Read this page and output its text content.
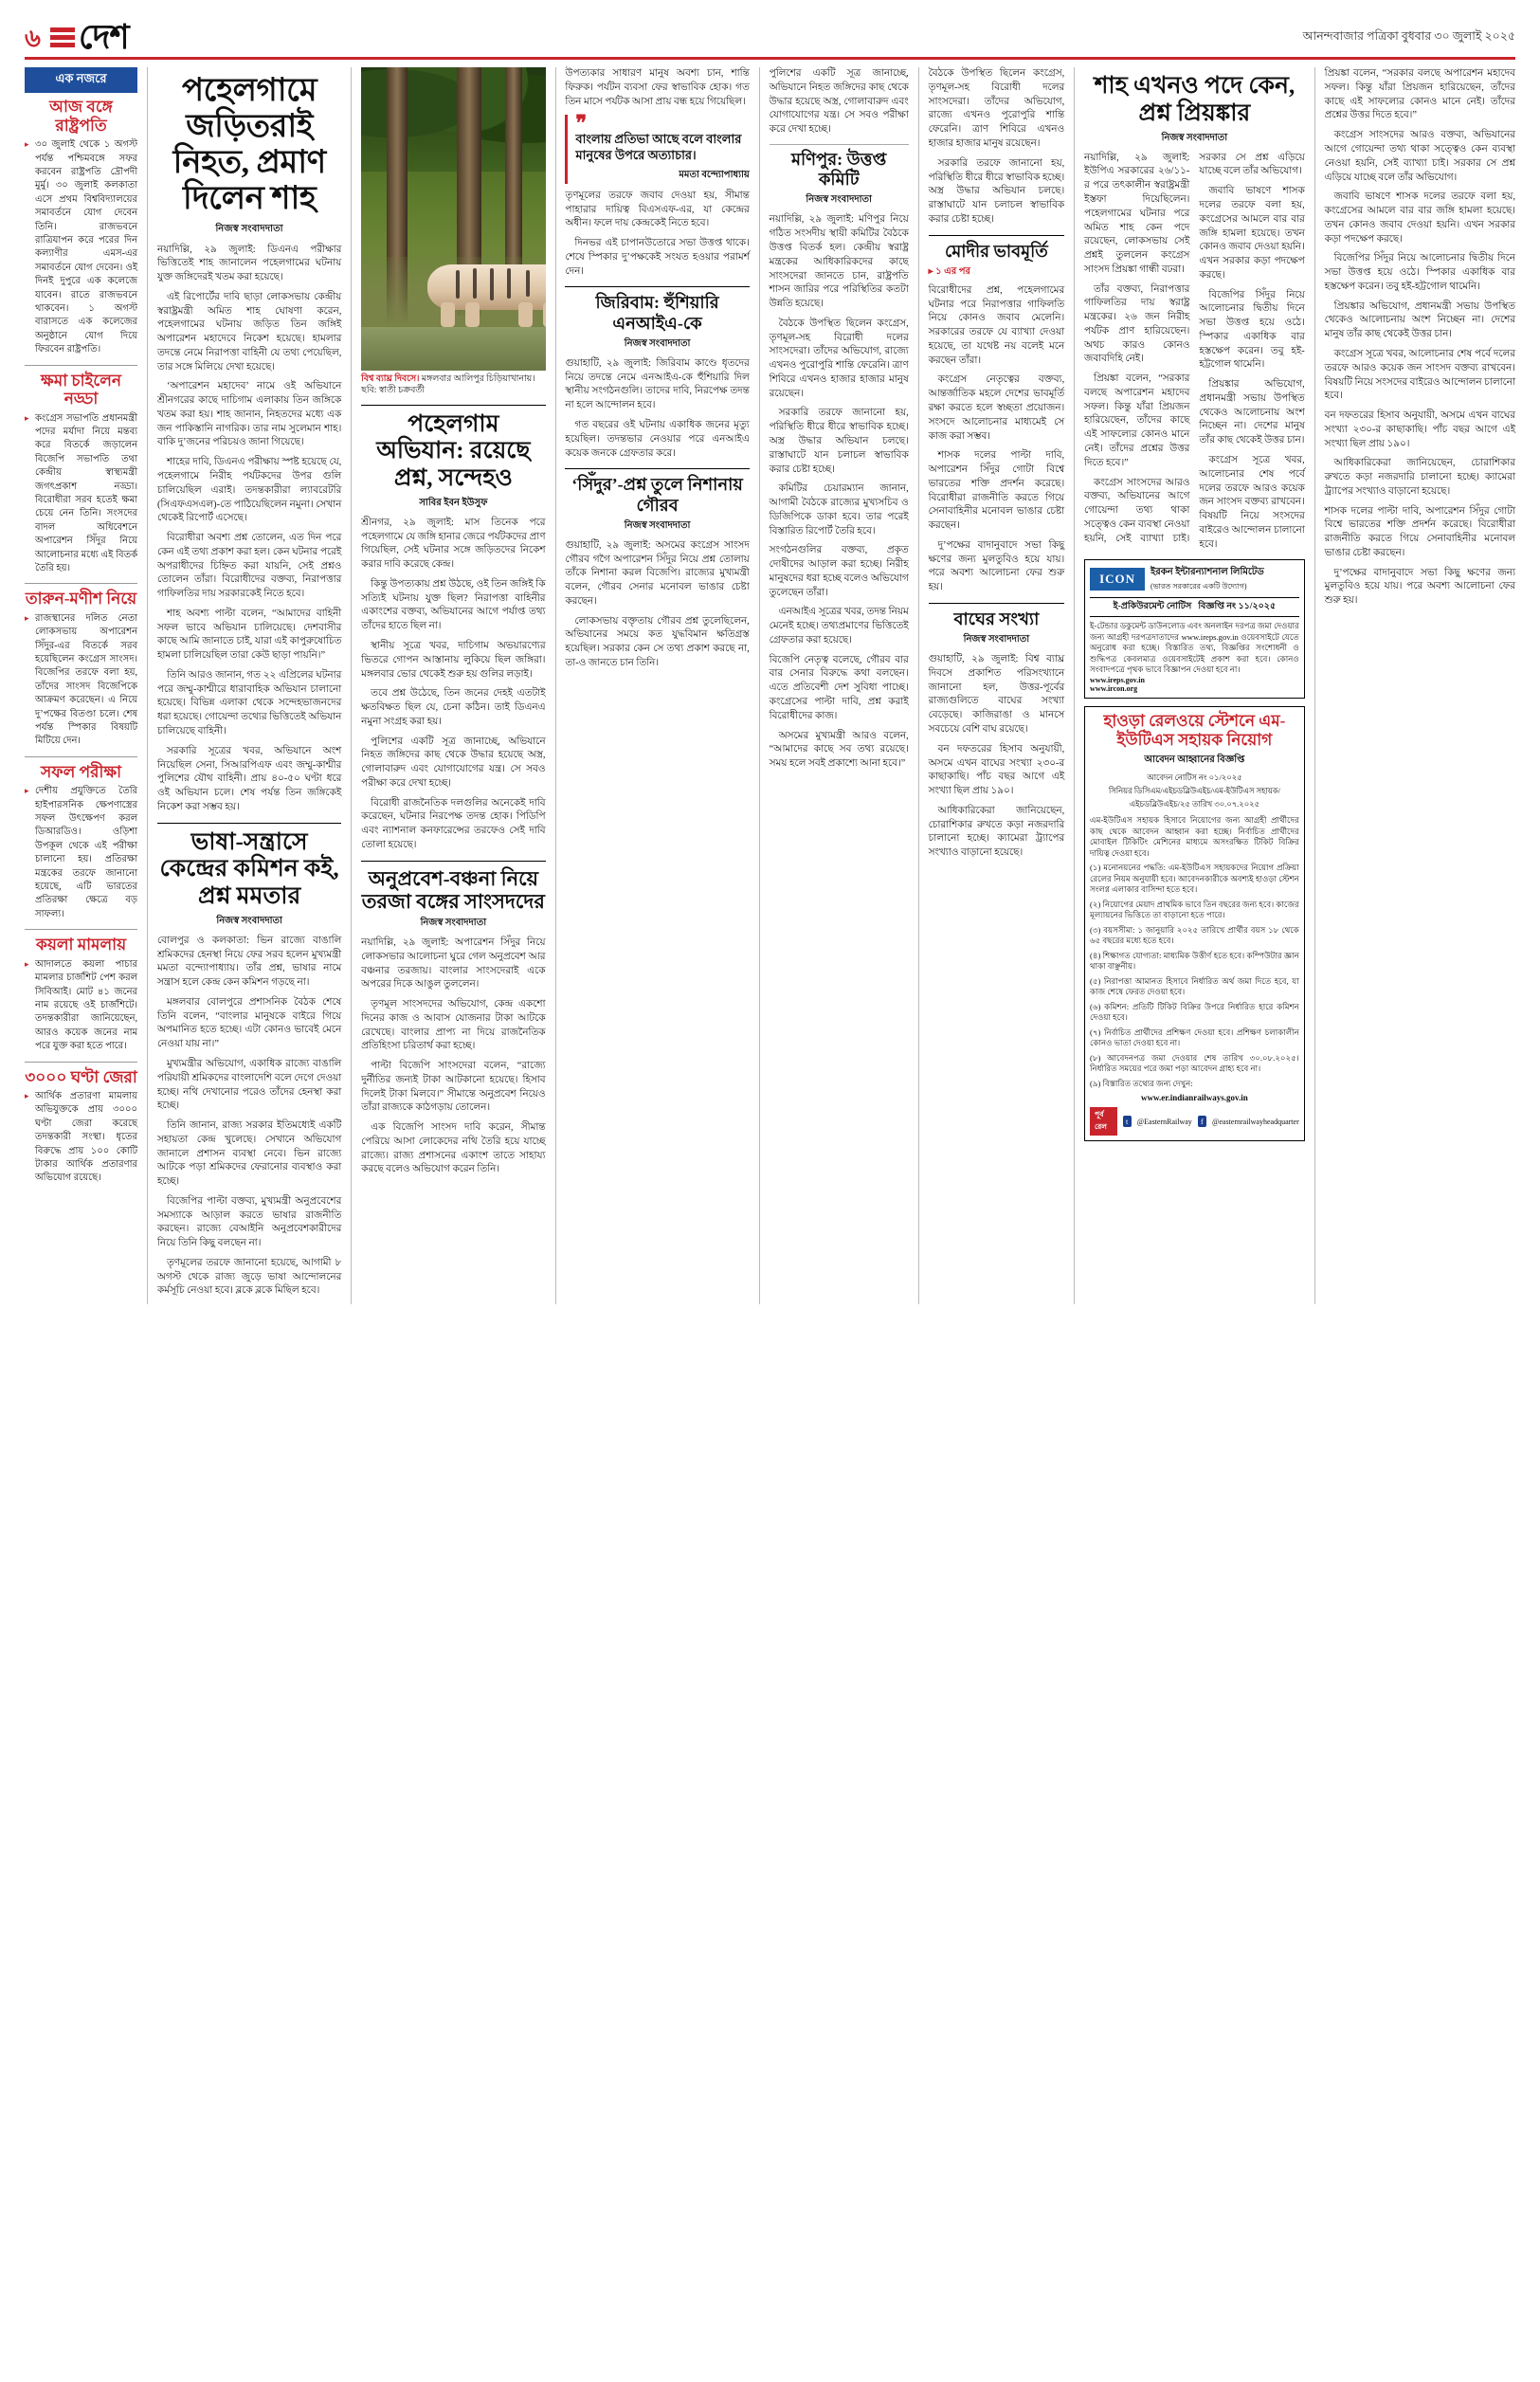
৬ দেশ	আনন্দবাজার পত্রিকা বুধবার ৩০ জুলাই ২০২৫
এক নজরে
আজ বঙ্গে রাষ্ট্রপতি
▸ ৩০ জুলাই থেকে ১ অগস্ট পর্যন্ত পশ্চিমবঙ্গে সফর করবেন রাষ্ট্রপতি দ্রৌপদী মুর্মু। ৩০ জুলাই কলকাতা এসে প্রথম বিশ্ববিদ্যালয়ের সমাবর্তনে যোগ দেবেন তিনি। রাজভবনে রাত্রিযাপন করে পরের দিন কল্যাণীর এমস-এর সমাবর্তনে যোগ দেবেন। ওই দিনই দুপুরে এক কলেজে যাবেন। রাতে রাজভবনে থাকবেন। ১ অগস্ট বারাসতে এক কলেজের অনুষ্ঠানে যোগ দিয়ে ফিরবেন রাষ্ট্রপতি।
ক্ষমা চাইলেন নড্ডা
▸ কংগ্রেস সভাপতি প্রধানমন্ত্রী পদের মর্যাদা নিয়ে মন্তব্য করে বিতর্কে জড়ালেন বিজেপি সভাপতি তথা কেন্দ্রীয় স্বাস্থ্যমন্ত্রী জগৎপ্রকাশ নড্ডা। বিরোধীরা সরব হতেই ক্ষমা চেয়ে নেন তিনি। সংসদের বাদল অধিবেশনে অপারেশন সিঁদুর নিয়ে আলোচনার মধ্যে এই বিতর্ক তৈরি হয়।
তারুন-মণীশ নিয়ে
▸ রাজস্থানের দলিত নেতা লোকসভায় অপারেশন সিঁদুর-এর বিতর্কে সরব হয়েছিলেন কংগ্রেস সাংসদ। বিজেপির তরফে বলা হয়, তাঁদের সাংসদ বিজেপিকে আক্রমণ করেছেন। এ নিয়ে দু’পক্ষের বিতণ্ডা চলে। শেষ পর্যন্ত স্পিকার বিষয়টি মিটিয়ে দেন।
সফল পরীক্ষা
▸ দেশীয় প্রযুক্তিতে তৈরি হাইপারসনিক ক্ষেপণাস্ত্রের সফল উৎক্ষেপণ করল ডিআরডিও। ওড়িশা উপকূল থেকে এই পরীক্ষা চালানো হয়। প্রতিরক্ষা মন্ত্রকের তরফে জানানো হয়েছে, এটি ভারতের প্রতিরক্ষা ক্ষেত্রে বড় সাফল্য।
কয়লা মামলায়
▸ আদালতে কয়লা পাচার মামলার চার্জশিট পেশ করল সিবিআই। মোট ৪১ জনের নাম রয়েছে ওই চার্জশিটে। তদন্তকারীরা জানিয়েছেন, আরও কয়েক জনের নাম পরে যুক্ত করা হতে পারে।
৩০০০ ঘণ্টা জেরা
▸ আর্থিক প্রতারণা মামলায় অভিযুক্তকে প্রায় ৩০০০ ঘণ্টা জেরা করেছে তদন্তকারী সংস্থা। ধৃতের বিরুদ্ধে প্রায় ১০০ কোটি টাকার আর্থিক প্রতারণার অভিযোগ রয়েছে।
পহেলগামে জড়িতরাই নিহত, প্রমাণ দিলেন শাহ
নিজস্ব সংবাদদাতা

নয়াদিল্লি, ২৯ জুলাই: ডিএনএ পরীক্ষার ভিত্তিতেই শাহ জানালেন পহেলগামের ঘটনায় যুক্ত জঙ্গিদেরই খতম করা হয়েছে।

এই রিপোর্টের দাবি ছাড়া লোকসভায় কেন্দ্রীয় স্বরাষ্ট্রমন্ত্রী অমিত শাহ ঘোষণা করেন, পহেলগামের ঘটনায় জড়িত তিন জঙ্গিই অপারেশন মহাদেবে নিকেশ হয়েছে। হামলার তদন্তে নেমে নিরাপত্তা বাহিনী যে তথ্য পেয়েছিল, তার সঙ্গে মিলিয়ে দেখা হয়েছে।

‘অপারেশন মহাদেব’ নামে ওই অভিযানে শ্রীনগরের কাছে দাচিগাম এলাকায় তিন জঙ্গিকে খতম করা হয়। শাহ জানান, নিহতদের মধ্যে এক জন পাকিস্তানি নাগরিক। তার নাম সুলেমান শাহ। বাকি দু’জনের পরিচয়ও জানা গিয়েছে।

শাহের দাবি, ডিএনএ পরীক্ষায় স্পষ্ট হয়েছে যে, পহেলগামে নিরীহ পর্যটকদের উপর গুলি চালিয়েছিল এরাই। তদন্তকারীরা ল্যাবরেটরি (সিএফএসএল)-তে পাঠিয়েছিলেন নমুনা। সেখান থেকেই রিপোর্ট এসেছে।

বিরোধীরা অবশ্য প্রশ্ন তোলেন, এত দিন পরে কেন এই তথ্য প্রকাশ করা হল। কেন ঘটনার পরেই অপরাধীদের চিহ্নিত করা যায়নি, সেই প্রশ্নও তোলেন তাঁরা। বিরোধীদের বক্তব্য, নিরাপত্তার গাফিলতির দায় সরকারকেই নিতে হবে।

শাহ অবশ্য পাল্টা বলেন, “আমাদের বাহিনী সফল ভাবে অভিযান চালিয়েছে। দেশবাসীর কাছে আমি জানাতে চাই, যারা এই কাপুরুষোচিত হামলা চালিয়েছিল তারা কেউ ছাড়া পায়নি।”

তিনি আরও জানান, গত ২২ এপ্রিলের ঘটনার পরে জম্মু-কাশ্মীরে ধারাবাহিক অভিযান চালানো হয়েছে। বিভিন্ন এলাকা থেকে সন্দেহভাজনদের ধরা হয়েছে। গোয়েন্দা তথ্যের ভিত্তিতেই অভিযান চালিয়েছে বাহিনী।

সরকারি সূত্রের খবর, অভিযানে অংশ নিয়েছিল সেনা, সিআরপিএফ এবং জম্মু-কাশ্মীর পুলিশের যৌথ বাহিনী। প্রায় ৪০-৫০ ঘণ্টা ধরে ওই অভিযান চলে। শেষ পর্যন্ত তিন জঙ্গিকেই নিকেশ করা সম্ভব হয়।

ভাষা-সন্ত্রাসে কেন্দ্রের কমিশন কই, প্রশ্ন মমতার
নিজস্ব সংবাদদাতা

বোলপুর ও কলকাতা: ভিন রাজ্যে বাঙালি শ্রমিকদের হেনস্থা নিয়ে ফের সরব হলেন মুখ্যমন্ত্রী মমতা বন্দ্যোপাধ্যায়। তাঁর প্রশ্ন, ভাষার নামে সন্ত্রাস হলে কেন্দ্র কেন কমিশন গড়ছে না।

মঙ্গলবার বোলপুরে প্রশাসনিক বৈঠক শেষে তিনি বলেন, “বাংলার মানুষকে বাইরে গিয়ে অপমানিত হতে হচ্ছে। এটা কোনও ভাবেই মেনে নেওয়া যায় না।”

মুখ্যমন্ত্রীর অভিযোগ, একাধিক রাজ্যে বাঙালি পরিযায়ী শ্রমিকদের বাংলাদেশি বলে দেগে দেওয়া হচ্ছে। নথি দেখানোর পরেও তাঁদের হেনস্থা করা হচ্ছে।

তিনি জানান, রাজ্য সরকার ইতিমধ্যেই একটি সহায়তা কেন্দ্র খুলেছে। সেখানে অভিযোগ জানালে প্রশাসন ব্যবস্থা নেবে। ভিন রাজ্যে আটকে পড়া শ্রমিকদের ফেরানোর ব্যবস্থাও করা হচ্ছে।

বিজেপির পাল্টা বক্তব্য, মুখ্যমন্ত্রী অনুপ্রবেশের সমস্যাকে আড়াল করতে ভাষার রাজনীতি করছেন। রাজ্যে বেআইনি অনুপ্রবেশকারীদের নিয়ে তিনি কিছু বলছেন না।

তৃণমূলের তরফে জানানো হয়েছে, আগামী ৮ অগস্ট থেকে রাজ্য জুড়ে ভাষা আন্দোলনের কর্মসূচি নেওয়া হবে। ব্লকে ব্লকে মিছিল হবে।

বিশ্ব ব্যাঘ্র দিবসে। মঙ্গলবার আলিপুর চিড়িয়াখানায়। ছবি: স্বাতী চক্রবর্তী
পহেলগাম অভিযান: রয়েছে প্রশ্ন, সন্দেহও
সাবির ইবন ইউসুফ

শ্রীনগর, ২৯ জুলাই: মাস তিনেক পরে পহেলগামে যে জঙ্গি হানার জেরে পর্যটকদের প্রাণ গিয়েছিল, সেই ঘটনার সঙ্গে জড়িতদের নিকেশ করার দাবি করেছে কেন্দ্র।

কিন্তু উপত্যকায় প্রশ্ন উঠছে, ওই তিন জঙ্গিই কি সত্যিই ঘটনায় যুক্ত ছিল? নিরাপত্তা বাহিনীর একাংশের বক্তব্য, অভিযানের আগে পর্যাপ্ত তথ্য তাঁদের হাতে ছিল না।

স্থানীয় সূত্রে খবর, দাচিগাম অভয়ারণ্যের ভিতরে গোপন আস্তানায় লুকিয়ে ছিল জঙ্গিরা। মঙ্গলবার ভোর থেকেই শুরু হয় গুলির লড়াই।

তবে প্রশ্ন উঠেছে, তিন জনের দেহই এতটাই ক্ষতবিক্ষত ছিল যে, চেনা কঠিন। তাই ডিএনএ নমুনা সংগ্রহ করা হয়।

পুলিশের একটি সূত্র জানাচ্ছে, অভিযানে নিহত জঙ্গিদের কাছ থেকে উদ্ধার হয়েছে অস্ত্র, গোলাবারুদ এবং যোগাযোগের যন্ত্র। সে সবও পরীক্ষা করে দেখা হচ্ছে।

বিরোধী রাজনৈতিক দলগুলির অনেকেই দাবি করেছেন, ঘটনার নিরপেক্ষ তদন্ত হোক। পিডিপি এবং ন্যাশনাল কনফারেন্সের তরফেও সেই দাবি তোলা হয়েছে।

অনুপ্রবেশ-বঞ্চনা নিয়ে তরজা বঙ্গের সাংসদদের
নিজস্ব সংবাদদাতা

নয়াদিল্লি, ২৯ জুলাই: অপারেশন সিঁদুর নিয়ে লোকসভার আলোচনা ঘুরে গেল অনুপ্রবেশ আর বঞ্চনার তরজায়। বাংলার সাংসদেরাই একে অপরের দিকে আঙুল তুললেন।

তৃণমূল সাংসদদের অভিযোগ, কেন্দ্র একশো দিনের কাজ ও আবাস যোজনার টাকা আটকে রেখেছে। বাংলার প্রাপ্য না দিয়ে রাজনৈতিক প্রতিহিংসা চরিতার্থ করা হচ্ছে।

পাল্টা বিজেপি সাংসদেরা বলেন, “রাজ্যে দুর্নীতির জন্যই টাকা আটকানো হয়েছে। হিসাব দিলেই টাকা মিলবে।” সীমান্তে অনুপ্রবেশ নিয়েও তাঁরা রাজ্যকে কাঠগড়ায় তোলেন।

এক বিজেপি সাংসদ দাবি করেন, সীমান্ত পেরিয়ে আসা লোকেদের নথি তৈরি হয়ে যাচ্ছে রাজ্যে। রাজ্য প্রশাসনের একাংশ তাতে সাহায্য করছে বলেও অভিযোগ করেন তিনি।

উপত্যকার সাধারণ মানুষ অবশ্য চান, শান্তি ফিরুক। পর্যটন ব্যবসা ফের স্বাভাবিক হোক। গত তিন মাসে পর্যটক আসা প্রায় বন্ধ হয়ে গিয়েছিল।

❞
বাংলায় প্রতিভা আছে বলে বাংলার মানুষের উপরে অত্যাচার।
মমতা বন্দ্যোপাধ্যায়

তৃণমূলের তরফে জবাব দেওয়া হয়, সীমান্ত পাহারার দায়িত্ব বিএসএফ-এর, যা কেন্দ্রের অধীন। ফলে দায় কেন্দ্রকেই নিতে হবে।

দিনভর এই চাপানউতোরে সভা উত্তপ্ত থাকে। শেষে স্পিকার দু’পক্ষকেই সংযত হওয়ার পরামর্শ দেন।

জিরিবাম: হুঁশিয়ারি এনআইএ-কে
নিজস্ব সংবাদদাতা

গুয়াহাটি, ২৯ জুলাই: জিরিবাম কাণ্ডে ধৃতদের নিয়ে তদন্তে নেমে এনআইএ-কে হুঁশিয়ারি দিল স্থানীয় সংগঠনগুলি। তাদের দাবি, নিরপেক্ষ তদন্ত না হলে আন্দোলন হবে।

গত বছরের ওই ঘটনায় একাধিক জনের মৃত্যু হয়েছিল। তদন্তভার নেওয়ার পরে এনআইএ কয়েক জনকে গ্রেফতার করে।

‘সিঁদুর’-প্রশ্ন তুলে নিশানায় গৌরব
নিজস্ব সংবাদদাতা

গুয়াহাটি, ২৯ জুলাই: অসমের কংগ্রেস সাংসদ গৌরব গগৈ অপারেশন সিঁদুর নিয়ে প্রশ্ন তোলায় তাঁকে নিশানা করল বিজেপি। রাজ্যের মুখ্যমন্ত্রী বলেন, গৌরব সেনার মনোবল ভাঙার চেষ্টা করছেন।

লোকসভায় বক্তৃতায় গৌরব প্রশ্ন তুলেছিলেন, অভিযানের সময়ে কত যুদ্ধবিমান ক্ষতিগ্রস্ত হয়েছিল। সরকার কেন সে তথ্য প্রকাশ করছে না, তা-ও জানতে চান তিনি।

পুলিশের একটি সূত্র জানাচ্ছে, অভিযানে নিহত জঙ্গিদের কাছ থেকে উদ্ধার হয়েছে অস্ত্র, গোলাবারুদ এবং যোগাযোগের যন্ত্র। সে সবও পরীক্ষা করে দেখা হচ্ছে।

মণিপুর: উত্তপ্ত কমিটি
নিজস্ব সংবাদদাতা

নয়াদিল্লি, ২৯ জুলাই: মণিপুর নিয়ে গঠিত সংসদীয় স্থায়ী কমিটির বৈঠকে উত্তপ্ত বিতর্ক হল। কেন্দ্রীয় স্বরাষ্ট্র মন্ত্রকের আধিকারিকদের কাছে সাংসদেরা জানতে চান, রাষ্ট্রপতি শাসন জারির পরে পরিস্থিতির কতটা উন্নতি হয়েছে।

বৈঠকে উপস্থিত ছিলেন কংগ্রেস, তৃণমূল-সহ বিরোধী দলের সাংসদেরা। তাঁদের অভিযোগ, রাজ্যে এখনও পুরোপুরি শান্তি ফেরেনি। ত্রাণ শিবিরে এখনও হাজার হাজার মানুষ রয়েছেন।

সরকারি তরফে জানানো হয়, পরিস্থিতি ধীরে ধীরে স্বাভাবিক হচ্ছে। অস্ত্র উদ্ধার অভিযান চলছে। রাস্তাঘাটে যান চলাচল স্বাভাবিক করার চেষ্টা হচ্ছে।

কমিটির চেয়ারম্যান জানান, আগামী বৈঠকে রাজ্যের মুখ্যসচিব ও ডিজিপিকে ডাকা হবে। তার পরেই বিস্তারিত রিপোর্ট তৈরি হবে।

সংগঠনগুলির বক্তব্য, প্রকৃত দোষীদের আড়াল করা হচ্ছে। নিরীহ মানুষদের ধরা হচ্ছে বলেও অভিযোগ তুলেছেন তাঁরা।

এনআইএ সূত্রের খবর, তদন্ত নিয়ম মেনেই হচ্ছে। তথ্যপ্রমাণের ভিত্তিতেই গ্রেফতার করা হয়েছে।

বিজেপি নেতৃত্ব বলেছে, গৌরব বার বার সেনার বিরুদ্ধে কথা বলছেন। এতে প্রতিবেশী দেশ সুবিধা পাচ্ছে। কংগ্রেসের পাল্টা দাবি, প্রশ্ন করাই বিরোধীদের কাজ।

অসমের মুখ্যমন্ত্রী আরও বলেন, “আমাদের কাছে সব তথ্য রয়েছে। সময় হলে সবই প্রকাশ্যে আনা হবে।”

বৈঠকে উপস্থিত ছিলেন কংগ্রেস, তৃণমূল-সহ বিরোধী দলের সাংসদেরা। তাঁদের অভিযোগ, রাজ্যে এখনও পুরোপুরি শান্তি ফেরেনি। ত্রাণ শিবিরে এখনও হাজার হাজার মানুষ রয়েছেন।

সরকারি তরফে জানানো হয়, পরিস্থিতি ধীরে ধীরে স্বাভাবিক হচ্ছে। অস্ত্র উদ্ধার অভিযান চলছে। রাস্তাঘাটে যান চলাচল স্বাভাবিক করার চেষ্টা হচ্ছে।

মোদীর ভাবমূর্তি
▸ ১ এর পর

বিরোধীদের প্রশ্ন, পহেলগামের ঘটনার পরে নিরাপত্তার গাফিলতি নিয়ে কোনও জবাব মেলেনি। সরকারের তরফে যে ব্যাখ্যা দেওয়া হয়েছে, তা যথেষ্ট নয় বলেই মনে করছেন তাঁরা।

কংগ্রেস নেতৃত্বের বক্তব্য, আন্তর্জাতিক মহলে দেশের ভাবমূর্তি রক্ষা করতে হলে স্বচ্ছতা প্রয়োজন। সংসদে আলোচনার মাধ্যমেই সে কাজ করা সম্ভব।

শাসক দলের পাল্টা দাবি, অপারেশন সিঁদুর গোটা বিশ্বে ভারতের শক্তি প্রদর্শন করেছে। বিরোধীরা রাজনীতি করতে গিয়ে সেনাবাহিনীর মনোবল ভাঙার চেষ্টা করছেন।

দু’পক্ষের বাদানুবাদে সভা কিছু ক্ষণের জন্য মুলতুবিও হয়ে যায়। পরে অবশ্য আলোচনা ফের শুরু হয়।

বাঘের সংখ্যা
নিজস্ব সংবাদদাতা

গুয়াহাটি, ২৯ জুলাই: বিশ্ব ব্যাঘ্র দিবসে প্রকাশিত পরিসংখ্যানে জানানো হল, উত্তর-পূর্বের রাজ্যগুলিতে বাঘের সংখ্যা বেড়েছে। কাজিরাঙা ও মানসে সবচেয়ে বেশি বাঘ রয়েছে।

বন দফতরের হিসাব অনুযায়ী, অসমে এখন বাঘের সংখ্যা ২৩০-র কাছাকাছি। পাঁচ বছর আগে এই সংখ্যা ছিল প্রায় ১৯০।

আধিকারিকেরা জানিয়েছেন, চোরাশিকার রুখতে কড়া নজরদারি চালানো হচ্ছে। ক্যামেরা ট্র্যাপের সংখ্যাও বাড়ানো হয়েছে।

শাহ এখনও পদে কেন, প্রশ্ন প্রিয়ঙ্কার
নিজস্ব সংবাদদাতা

নয়াদিল্লি, ২৯ জুলাই: ইউপিএ সরকারের ২৬/১১-র পরে তৎকালীন স্বরাষ্ট্রমন্ত্রী ইস্তফা দিয়েছিলেন। পহেলগামের ঘটনার পরে অমিত শাহ কেন পদে রয়েছেন, লোকসভায় সেই প্রশ্নই তুললেন কংগ্রেস সাংসদ প্রিয়ঙ্কা গান্ধী বঢরা।

তাঁর বক্তব্য, নিরাপত্তার গাফিলতির দায় স্বরাষ্ট্র মন্ত্রকের। ২৬ জন নিরীহ পর্যটক প্রাণ হারিয়েছেন। অথচ কারও কোনও জবাবদিহি নেই।

প্রিয়ঙ্কা বলেন, “সরকার বলছে অপারেশন মহাদেব সফল। কিন্তু যাঁরা প্রিয়জন হারিয়েছেন, তাঁদের কাছে এই সাফল্যের কোনও মানে নেই। তাঁদের প্রশ্নের উত্তর দিতে হবে।”

কংগ্রেস সাংসদের আরও বক্তব্য, অভিযানের আগে গোয়েন্দা তথ্য থাকা সত্ত্বেও কেন ব্যবস্থা নেওয়া হয়নি, সেই ব্যাখ্যা চাই। সরকার সে প্রশ্ন এড়িয়ে যাচ্ছে বলে তাঁর অভিযোগ।

জবাবি ভাষণে শাসক দলের তরফে বলা হয়, কংগ্রেসের আমলে বার বার জঙ্গি হামলা হয়েছে। তখন কোনও জবাব দেওয়া হয়নি। এখন সরকার কড়া পদক্ষেপ করছে।

বিজেপির সিঁদুর নিয়ে আলোচনার দ্বিতীয় দিনে সভা উত্তপ্ত হয়ে ওঠে। স্পিকার একাধিক বার হস্তক্ষেপ করেন। তবু হই-হট্টগোল থামেনি।

প্রিয়ঙ্কার অভিযোগ, প্রধানমন্ত্রী সভায় উপস্থিত থেকেও আলোচনায় অংশ নিচ্ছেন না। দেশের মানুষ তাঁর কাছ থেকেই উত্তর চান।

কংগ্রেস সূত্রে খবর, আলোচনার শেষ পর্বে দলের তরফে আরও কয়েক জন সাংসদ বক্তব্য রাখবেন। বিষয়টি নিয়ে সংসদের বাইরেও আন্দোলন চালানো হবে।

ICON	ইরকন ইন্টারন্যাশনাল লিমিটেড
(ভারত সরকারের একটি উদ্যোগ)
ই-প্রকিউরমেন্ট নোটিস বিজ্ঞপ্তি নং ১১/২০২৫
ই-টেন্ডার ডকুমেন্ট ডাউনলোড এবং অনলাইন দরপত্র জমা দেওয়ার জন্য আগ্রহী দরপত্রদাতাদের www.ireps.gov.in ওয়েবসাইটে যেতে অনুরোধ করা হচ্ছে। বিস্তারিত তথ্য, বিজ্ঞপ্তির সংশোধনী ও শুদ্ধিপত্র কেবলমাত্র ওয়েবসাইটেই প্রকাশ করা হবে। কোনও সংবাদপত্রে পৃথক ভাবে বিজ্ঞাপন দেওয়া হবে না।
www.ireps.gov.in
www.ircon.org
হাওড়া রেলওয়ে স্টেশনে এম-ইউটিএস সহায়ক নিয়োগ
আবেদন আহ্বানের বিজ্ঞপ্তি
আবেদন নোটিস নং ০১/২০২৫
সিনিয়র ডিসিএম/এইচডব্লিউএইচ/এম-ইউটিএস সহায়ক/এইচডব্লিউএইচ/২৫ তারিখ ৩০.০৭.২০২৫
এম-ইউটিএস সহায়ক হিসাবে নিয়োগের জন্য আগ্রহী প্রার্থীদের কাছ থেকে আবেদন আহ্বান করা হচ্ছে। নির্বাচিত প্রার্থীদের মোবাইল টিকিটিং মেশিনের মাধ্যমে অসংরক্ষিত টিকিট বিক্রির দায়িত্ব দেওয়া হবে।

(১) মনোনয়নের পদ্ধতি: এম-ইউটিএস সহায়কদের নিয়োগ প্রক্রিয়া রেলের নিয়ম অনুযায়ী হবে। আবেদনকারীকে অবশ্যই হাওড়া স্টেশন সংলগ্ন এলাকার বাসিন্দা হতে হবে।

(২) নিয়োগের মেয়াদ প্রাথমিক ভাবে তিন বছরের জন্য হবে। কাজের মূল্যায়নের ভিত্তিতে তা বাড়ানো হতে পারে।

(৩) বয়সসীমা: ১ জানুয়ারি ২০২৫ তারিখে প্রার্থীর বয়স ১৮ থেকে ৬৫ বছরের মধ্যে হতে হবে।

(৪) শিক্ষাগত যোগ্যতা: মাধ্যমিক উত্তীর্ণ হতে হবে। কম্পিউটার জ্ঞান থাকা বাঞ্ছনীয়।

(৫) নিরাপত্তা আমানত হিসাবে নির্ধারিত অর্থ জমা দিতে হবে, যা কাজ শেষে ফেরত দেওয়া হবে।

(৬) কমিশন: প্রতিটি টিকিট বিক্রির উপরে নির্ধারিত হারে কমিশন দেওয়া হবে।

(৭) নির্বাচিত প্রার্থীদের প্রশিক্ষণ দেওয়া হবে। প্রশিক্ষণ চলাকালীন কোনও ভাতা দেওয়া হবে না।

(৮) আবেদনপত্র জমা দেওয়ার শেষ তারিখ ৩০.০৮.২০২৫। নির্ধারিত সময়ের পরে জমা পড়া আবেদন গ্রাহ্য হবে না।

(৯) বিস্তারিত তথ্যের জন্য দেখুন:

www.er.indianrailways.gov.in
পূর্ব রেল
t	@EasternRailway	f	@easternrailwayheadquarter

প্রিয়ঙ্কা বলেন, “সরকার বলছে অপারেশন মহাদেব সফল। কিন্তু যাঁরা প্রিয়জন হারিয়েছেন, তাঁদের কাছে এই সাফল্যের কোনও মানে নেই। তাঁদের প্রশ্নের উত্তর দিতে হবে।”

কংগ্রেস সাংসদের আরও বক্তব্য, অভিযানের আগে গোয়েন্দা তথ্য থাকা সত্ত্বেও কেন ব্যবস্থা নেওয়া হয়নি, সেই ব্যাখ্যা চাই। সরকার সে প্রশ্ন এড়িয়ে যাচ্ছে বলে তাঁর অভিযোগ।

জবাবি ভাষণে শাসক দলের তরফে বলা হয়, কংগ্রেসের আমলে বার বার জঙ্গি হামলা হয়েছে। তখন কোনও জবাব দেওয়া হয়নি। এখন সরকার কড়া পদক্ষেপ করছে।

বিজেপির সিঁদুর নিয়ে আলোচনার দ্বিতীয় দিনে সভা উত্তপ্ত হয়ে ওঠে। স্পিকার একাধিক বার হস্তক্ষেপ করেন। তবু হই-হট্টগোল থামেনি।

প্রিয়ঙ্কার অভিযোগ, প্রধানমন্ত্রী সভায় উপস্থিত থেকেও আলোচনায় অংশ নিচ্ছেন না। দেশের মানুষ তাঁর কাছ থেকেই উত্তর চান।

কংগ্রেস সূত্রে খবর, আলোচনার শেষ পর্বে দলের তরফে আরও কয়েক জন সাংসদ বক্তব্য রাখবেন। বিষয়টি নিয়ে সংসদের বাইরেও আন্দোলন চালানো হবে।

বন দফতরের হিসাব অনুযায়ী, অসমে এখন বাঘের সংখ্যা ২৩০-র কাছাকাছি। পাঁচ বছর আগে এই সংখ্যা ছিল প্রায় ১৯০।

আধিকারিকেরা জানিয়েছেন, চোরাশিকার রুখতে কড়া নজরদারি চালানো হচ্ছে। ক্যামেরা ট্র্যাপের সংখ্যাও বাড়ানো হয়েছে।

শাসক দলের পাল্টা দাবি, অপারেশন সিঁদুর গোটা বিশ্বে ভারতের শক্তি প্রদর্শন করেছে। বিরোধীরা রাজনীতি করতে গিয়ে সেনাবাহিনীর মনোবল ভাঙার চেষ্টা করছেন।

দু’পক্ষের বাদানুবাদে সভা কিছু ক্ষণের জন্য মুলতুবিও হয়ে যায়। পরে অবশ্য আলোচনা ফের শুরু হয়।
